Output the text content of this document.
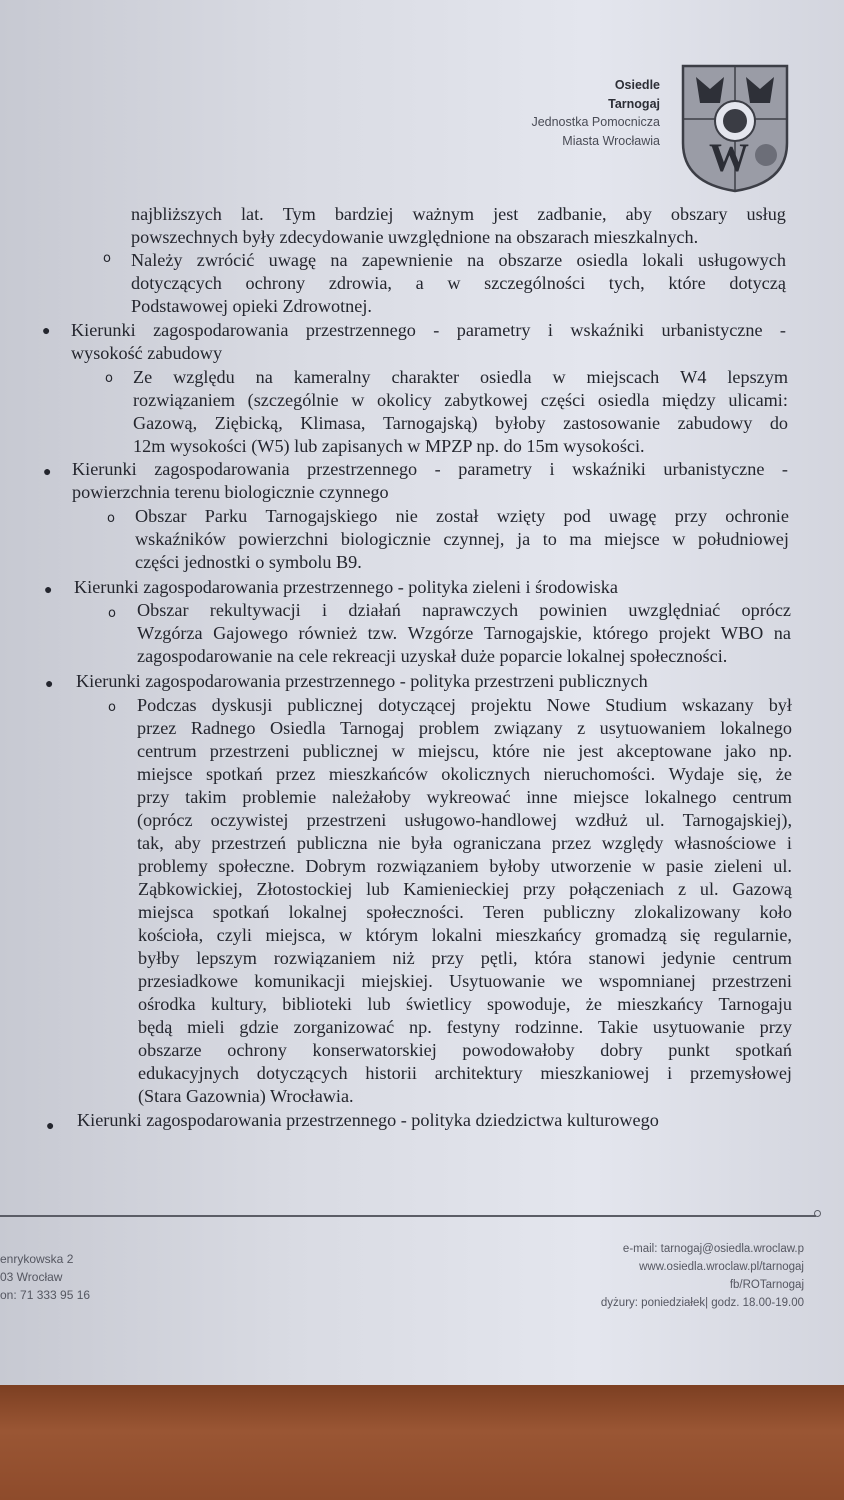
Osiedle
Tarnogaj
Jednostka Pomocnicza
Miasta Wrocławia W
o
●
o
●
o
●
o
●
o
●
najbliższych lat. Tym bardziej ważnym jest zadbanie, aby obszary usług
powszechnych były zdecydowanie uwzględnione na obszarach mieszkalnych.
Należy zwrócić uwagę na zapewnienie na obszarze osiedla lokali usługowych
dotyczących ochrony zdrowia, a w szczególności tych, które dotyczą
Podstawowej opieki Zdrowotnej.
Kierunki zagospodarowania przestrzennego - parametry i wskaźniki urbanistyczne -
wysokość zabudowy
Ze względu na kameralny charakter osiedla w miejscach W4 lepszym
rozwiązaniem (szczególnie w okolicy zabytkowej części osiedla między ulicami:
Gazową, Ziębicką, Klimasa, Tarnogajską) byłoby zastosowanie zabudowy do
12m wysokości (W5) lub zapisanych w MPZP np. do 15m wysokości.
Kierunki zagospodarowania przestrzennego - parametry i wskaźniki urbanistyczne -
powierzchnia terenu biologicznie czynnego
Obszar Parku Tarnogajskiego nie został wzięty pod uwagę przy ochronie
wskaźników powierzchni biologicznie czynnej, ja to ma miejsce w południowej
części jednostki o symbolu B9.
Kierunki zagospodarowania przestrzennego - polityka zieleni i środowiska
Obszar rekultywacji i działań naprawczych powinien uwzględniać oprócz
Wzgórza Gajowego również tzw. Wzgórze Tarnogajskie, którego projekt WBO na
zagospodarowanie na cele rekreacji uzyskał duże poparcie lokalnej społeczności.
Kierunki zagospodarowania przestrzennego - polityka przestrzeni publicznych
Podczas dyskusji publicznej dotyczącej projektu Nowe Studium wskazany był
przez Radnego Osiedla Tarnogaj problem związany z usytuowaniem lokalnego
centrum przestrzeni publicznej w miejscu, które nie jest akceptowane jako np.
miejsce spotkań przez mieszkańców okolicznych nieruchomości. Wydaje się, że
przy takim problemie należałoby wykreować inne miejsce lokalnego centrum
(oprócz oczywistej przestrzeni usługowo-handlowej wzdłuż ul. Tarnogajskiej),
tak, aby przestrzeń publiczna nie była ograniczana przez względy własnościowe i
problemy społeczne. Dobrym rozwiązaniem byłoby utworzenie w pasie zieleni ul.
Ząbkowickiej, Złotostockiej lub Kamienieckiej przy połączeniach z ul. Gazową
miejsca spotkań lokalnej społeczności. Teren publiczny zlokalizowany koło
kościoła, czyli miejsca, w którym lokalni mieszkańcy gromadzą się regularnie,
byłby lepszym rozwiązaniem niż przy pętli, która stanowi jedynie centrum
przesiadkowe komunikacji miejskiej. Usytuowanie we wspomnianej przestrzeni
ośrodka kultury, biblioteki lub świetlicy spowoduje, że mieszkańcy Tarnogaju
będą mieli gdzie zorganizować np. festyny rodzinne. Takie usytuowanie przy
obszarze ochrony konserwatorskiej powodowałoby dobry punkt spotkań
edukacyjnych dotyczących historii architektury mieszkaniowej i przemysłowej
(Stara Gazownia) Wrocławia.
Kierunki zagospodarowania przestrzennego - polityka dziedzictwa kulturowego
enrykowska 2
03 Wrocław
on: 71 333 95 16
e-mail: tarnogaj@osiedla.wroclaw.p
www.osiedla.wroclaw.pl/tarnogaj
fb/ROTarnogaj
dyżury: poniedziałek| godz. 18.00-19.00
